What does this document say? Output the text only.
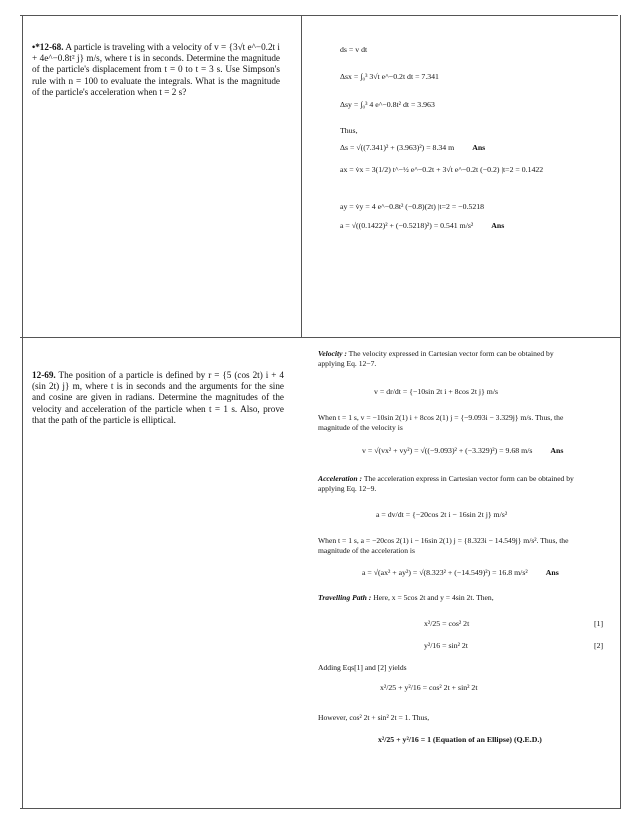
•*12-68. A particle is traveling with a velocity of v = {3√t e^−0.2t i + 4e^−0.8t² j} m/s, where t is in seconds. Determine the magnitude of the particle's displacement from t = 0 to t = 3 s. Use Simpson's rule with n = 100 to evaluate the integrals. What is the magnitude of the particle's acceleration when t = 2 s?
ds = v dt
Δsx = ∫₀³ 3√t e^−0.2t dt = 7.341
Δsy = ∫₀³ 4 e^−0.8t² dt = 3.963
Thus,
Δs = √((7.341)² + (3.963)²) = 8.34 m Ans
ax = v̇x = 3(1/2) t^−½ e^−0.2t + 3√t e^−0.2t (−0.2) |t=2 = 0.1422
ay = v̇y = 4 e^−0.8t² (−0.8)(2t) |t=2 = −0.5218
a = √((0.1422)² + (−0.5218)²) = 0.541 m/s² Ans
12-69. The position of a particle is defined by r = {5 (cos 2t) i + 4 (sin 2t) j} m, where t is in seconds and the arguments for the sine and cosine are given in radians. Determine the magnitudes of the velocity and acceleration of the particle when t = 1 s. Also, prove that the path of the particle is elliptical.
Velocity : The velocity expressed in Cartesian vector form can be obtained by applying Eq. 12−7.
v = dr/dt = {−10sin 2t i + 8cos 2t j} m/s
When t = 1 s, v = −10sin 2(1) i + 8cos 2(1) j = {−9.093i − 3.329j} m/s. Thus, the magnitude of the velocity is
v = √(vx² + vy²) = √((−9.093)² + (−3.329)²) = 9.68 m/s Ans
Acceleration : The acceleration express in Cartesian vector form can be obtained by applying Eq. 12−9.
a = dv/dt = {−20cos 2t i − 16sin 2t j} m/s²
When t = 1 s, a = −20cos 2(1) i − 16sin 2(1) j = {8.323i − 14.549j} m/s². Thus, the magnitude of the acceleration is
a = √(ax² + ay²) = √(8.323² + (−14.549)²) = 16.8 m/s² Ans
Travelling Path : Here, x = 5cos 2t and y = 4sin 2t. Then,
x²/25 = cos² 2t	[1]
y²/16 = sin² 2t	[2]
Adding Eqs[1] and [2] yields
x²/25 + y²/16 = cos² 2t + sin² 2t
However, cos² 2t + sin² 2t = 1. Thus,
x²/25 + y²/16 = 1 (Equation of an Ellipse) (Q.E.D.)
